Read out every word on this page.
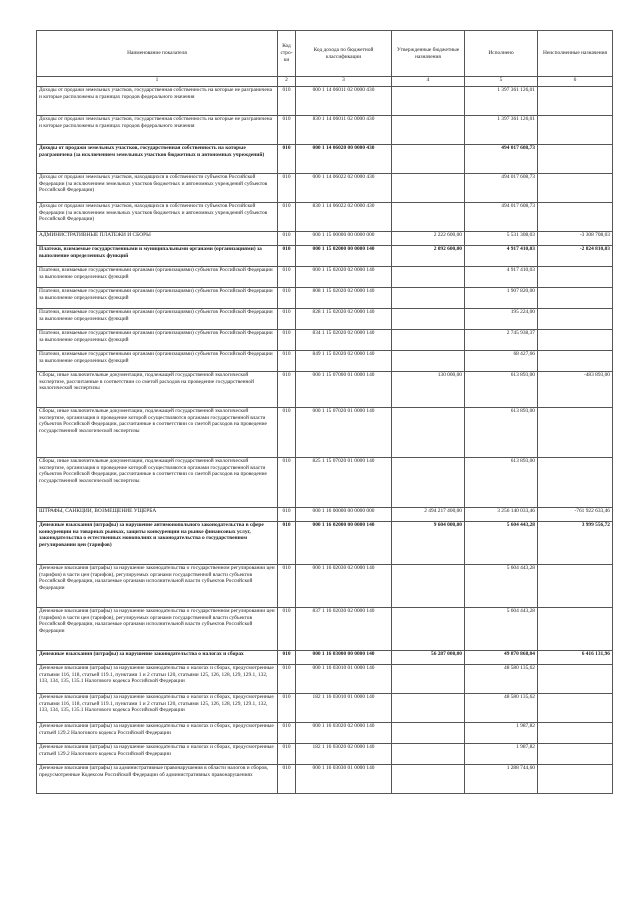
Наименование показателя	Код стро-ки	Код дохода по бюджетной классификации	Утвержденные бюджетные назначения	Исполнено	Неисполненные назначения
1	2	3	4	5	6
Доходы от продажи земельных участков, государственная собственность на которые не разграничена и которые расположены в границах городов федерального значения	010	000 1 14 06011 02 0000 430		1 397 361 126,01	
Доходы от продажи земельных участков, государственная собственность на которые не разграничена и которые расположены в границах городов федерального значения	010	830 1 14 06011 02 0000 430		1 397 361 126,01	
Доходы от продажи земельных участков, государственная собственность на которые разграничена (за исключением земельных участков бюджетных и автономных учреждений)	010	000 1 14 06020 00 0000 430		494 017 608,73	
Доходы от продажи земельных участков, находящихся в собственности субъектов Российской Федерации (за исключением земельных участков бюджетных и автономных учреждений субъектов Российской Федерации)	010	000 1 14 06022 02 0000 430		494 017 608,73	
Доходы от продажи земельных участков, находящихся в собственности субъектов Российской Федерации (за исключением земельных участков бюджетных и автономных учреждений субъектов Российской Федерации)	010	830 1 14 06022 02 0000 430		494 017 608,73	
АДМИНИСТРАТИВНЫЕ ПЛАТЕЖИ И СБОРЫ	010	000 1 15 00000 00 0000 000	2 222 600,00	5 531 308,03	-3 308 708,03
Платежи, взимаемые государственными и муниципальными органами (организациями) за выполнение определенных функций	010	000 1 15 02000 00 0000 140	2 092 600,00	4 917 410,03	-2 824 810,03
Платежи, взимаемые государственными органами (организациями) субъектов Российской Федерации за выполнение определенных функций	010	000 1 15 02020 02 0000 140		4 917 410,03	
Платежи, взимаемые государственными органами (организациями) субъектов Российской Федерации за выполнение определенных функций	010	808 1 15 02020 02 0000 140		1 907 820,00	
Платежи, взимаемые государственными органами (организациями) субъектов Российской Федерации за выполнение определенных функций	010	828 1 15 02020 02 0000 140		195 224,00	
Платежи, взимаемые государственными органами (организациями) субъектов Российской Федерации за выполнение определенных функций	010	834 1 15 02020 02 0000 140		2 745 938,37	
Платежи, взимаемые государственными органами (организациями) субъектов Российской Федерации за выполнение определенных функций	010	849 1 15 02020 02 0000 140		68 427,66	
Сборы, иные заключительные документации, подлежащей государственной экологической экспертизе, рассчитанные в соответствии со сметой расходов на проведение государственной экологической экспертизы	010	000 1 15 07000 01 0000 140	130 000,00	613 893,00	-483 893,00
Сборы, иные заключительные документации, подлежащей государственной экологической экспертизе, организация и проведение которой осуществляются органами государственной власти субъектов Российской Федерации, рассчитанные в соответствии со сметой расходов на проведение государственной экологической экспертизы	010	000 1 15 07020 01 0000 140		613 893,00	
Сборы, иные заключительные документации, подлежащей государственной экологической экспертизе, организация и проведение которой осуществляются органами государственной власти субъектов Российской Федерации, рассчитанные в соответствии со сметой расходов на проведение государственной экологической экспертизы	010	825 1 15 07020 01 0000 140		613 893,00	
ШТРАФЫ, САНКЦИИ, ВОЗМЕЩЕНИЕ УЩЕРБА	010	000 1 16 00000 00 0000 000	2 494 217 400,00	3 256 140 033,46	-761 922 633,46
Денежные взыскания (штрафы) за нарушение антимонопольного законодательства в сфере конкуренции на товарных рынках, защиты конкуренции на рынке финансовых услуг, законодательства о естественных монополиях и законодательства о государственном регулировании цен (тарифов)	010	000 1 16 02000 00 0000 140	9 604 000,00	5 604 443,28	3 999 556,72
Денежные взыскания (штрафы) за нарушение законодательства о государственном регулировании цен (тарифов) в части цен (тарифов), регулируемых органами государственной власти субъектов Российской Федерации, налагаемые органами исполнительной власти субъектов Российской Федерации	010	000 1 16 02030 02 0000 140		5 604 443,28	
Денежные взыскания (штрафы) за нарушение законодательства о государственном регулировании цен (тарифов) в части цен (тарифов), регулируемых органами государственной власти субъектов Российской Федерации, налагаемые органами исполнительной власти субъектов Российской Федерации	010	837 1 16 02030 02 0000 140		5 604 443,28	
Денежные взыскания (штрафы) за нарушение законодательства о налогах и сборах	010	000 1 16 03000 00 0000 140	56 287 000,00	49 870 868,04	6 416 131,96
Денежные взыскания (штрафы) за нарушение законодательства о налогах и сборах, предусмотренные статьями 116, 118, статьей 119.1, пунктами 1 и 2 статьи 120, статьями 125, 126, 128, 129, 129.1, 132, 133, 134, 135, 135.1 Налогового кодекса Российской Федерации	010	000 1 16 03010 01 0000 140		48 580 135,62	
Денежные взыскания (штрафы) за нарушение законодательства о налогах и сборах, предусмотренные статьями 116, 118, статьей 119.1, пунктами 1 и 2 статьи 120, статьями 125, 126, 128, 129, 129.1, 132, 133, 134, 135, 135.1 Налогового кодекса Российской Федерации	010	182 1 16 03010 01 0000 140		48 580 135,62	
Денежные взыскания (штрафы) за нарушение законодательства о налогах и сборах, предусмотренные статьей 129.2 Налогового кодекса Российской Федерации	010	000 1 16 03020 02 0000 140		1 987,82	
Денежные взыскания (штрафы) за нарушение законодательства о налогах и сборах, предусмотренные статьей 129.2 Налогового кодекса Российской Федерации	010	182 1 16 03020 02 0000 140		1 987,82	
Денежные взыскания (штрафы) за административные правонарушения в области налогов и сборов, предусмотренные Кодексом Российской Федерации об административных правонарушениях	010	000 1 16 03030 01 0000 140		1 288 744,60	
